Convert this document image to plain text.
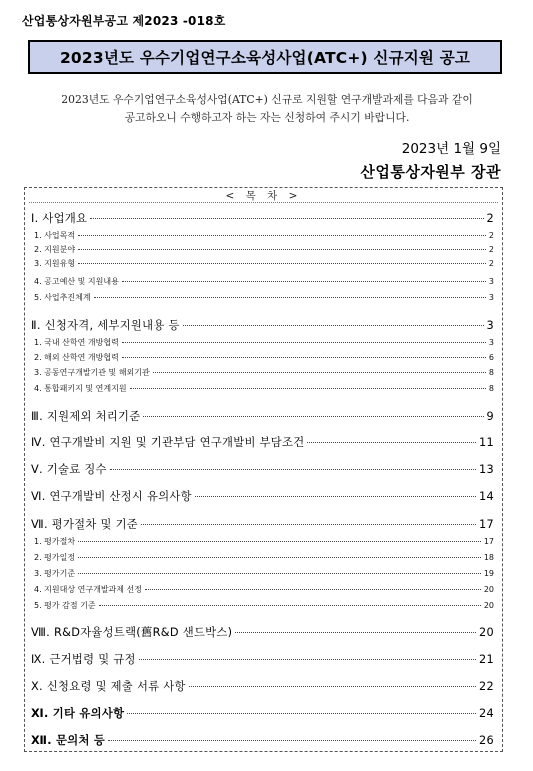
산업통상자원부공고 제2023 -018호
2023년도 우수기업연구소육성사업(ATC+) 신규지원 공고
2023년도 우수기업연구소육성사업(ATC+) 신규로 지원할 연구개발과제를 다음과 같이
공고하오니 수행하고자 하는 자는 신청하여 주시기 바랍니다.
2023년 1월 9일
산업통상자원부 장관
< 목 차 >
Ⅰ. 사업개요	2
1. 사업목적	2
2. 지원분야	2
3. 지원유형	2
4. 공고예산 및 지원내용	3
5. 사업추진체계	3
Ⅱ. 신청자격, 세부지원내용 등	3
1. 국내 산학연 개방협력	3
2. 해외 산학연 개방협력	6
3. 공동연구개발기관 및 해외기관	8
4. 통합패키지 및 연계지원	8
Ⅲ. 지원제외 처리기준	9
Ⅳ. 연구개발비 지원 및 기관부담 연구개발비 부담조건	11
Ⅴ. 기술료 징수	13
Ⅵ. 연구개발비 산정시 유의사항	14
Ⅶ. 평가절차 및 기준	17
1. 평가절차	17
2. 평가일정	18
3. 평가기준	19
4. 지원대상 연구개발과제 선정	20
5. 평가 감점 기준	20
Ⅷ. R&D자율성트랙(舊R&D 샌드박스)	20
Ⅸ. 근거법령 및 규정	21
Ⅹ. 신청요령 및 제출 서류 사항	22
Ⅺ. 기타 유의사항	24
Ⅻ. 문의처 등	26
